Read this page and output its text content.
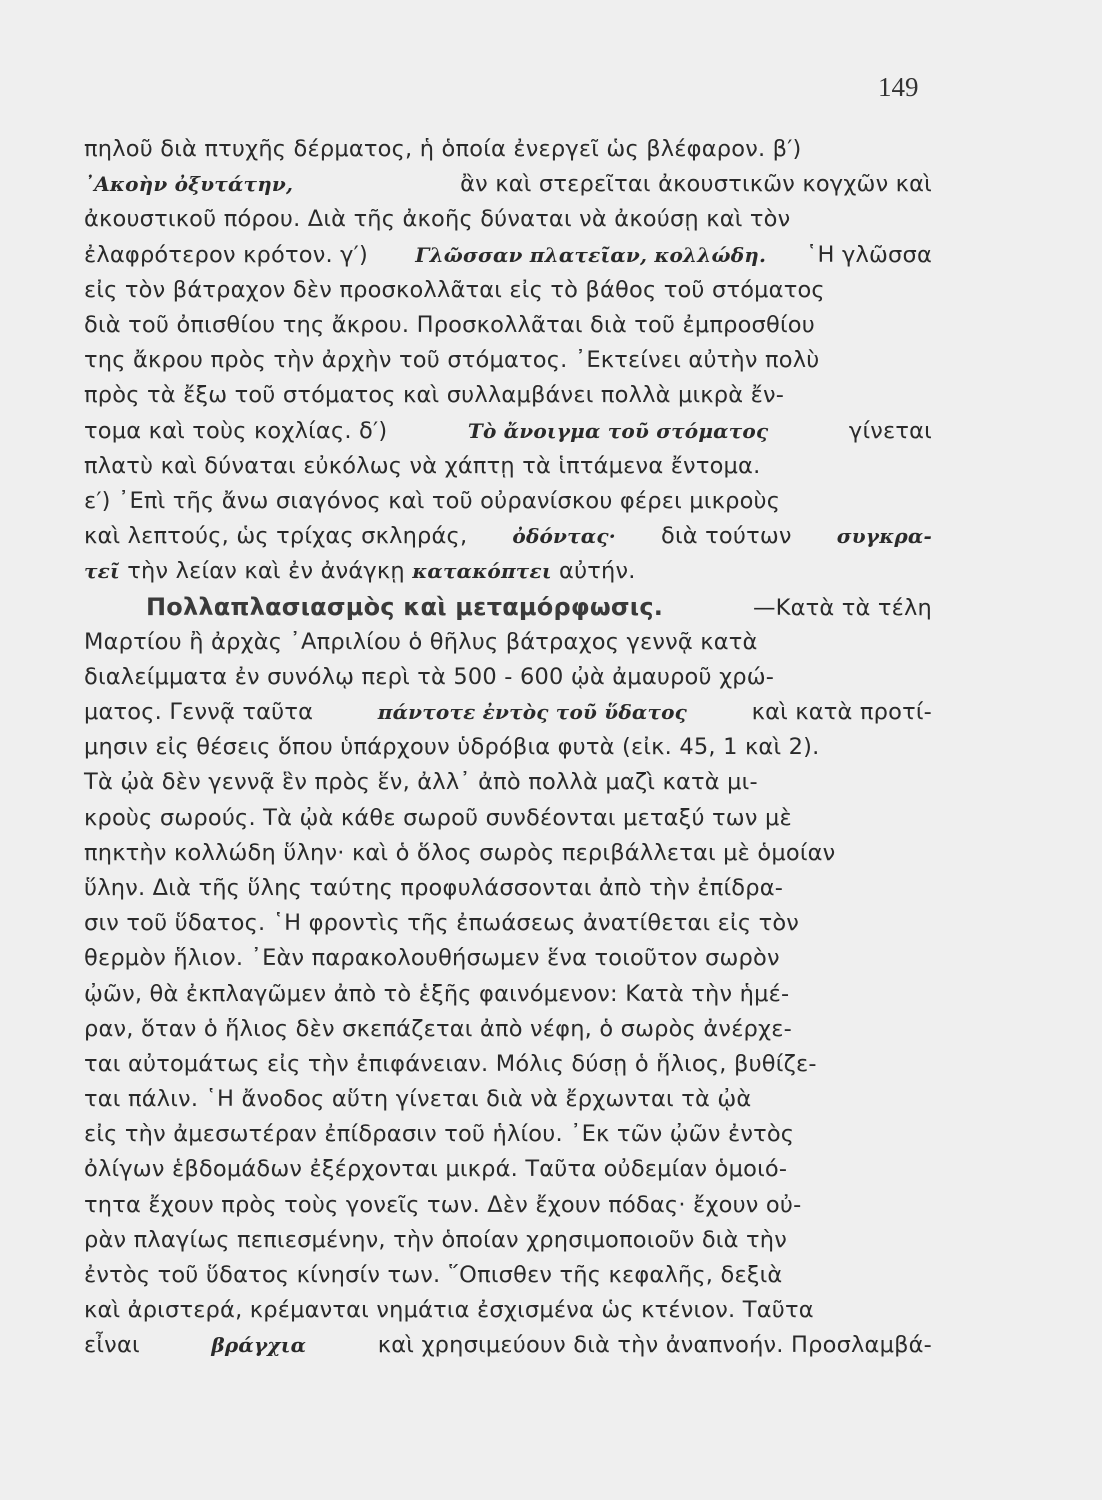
149
πηλοῦ διὰ πτυχῆς δέρματος, ἡ ὁποία ἐνεργεῖ ὡς βλέφαρον. β′)
᾿Ακοὴν ὀξυτάτην,	ἂν καὶ στερεῖται ἀκουστικῶν κογχῶν καὶ
ἀκουστικοῦ πόρου. Διὰ τῆς ἀκοῆς δύναται νὰ ἀκούσῃ καὶ τὸν
ἐλαφρότερον κρότον. γ′) Γλῶσσαν πλατεῖαν, κολλώδη. ῾Η γλῶσσα
εἰς τὸν βάτραχον δὲν προσκολλᾶται εἰς τὸ βάθος τοῦ στόματος
διὰ τοῦ ὀπισθίου της ἄκρου. Προσκολλᾶται διὰ τοῦ ἐμπροσθίου
της ἄκρου πρὸς τὴν ἀρχὴν τοῦ στόματος. ᾿Εκτείνει αὐτὴν πολὺ
πρὸς τὰ ἔξω τοῦ στόματος καὶ συλλαμβάνει πολλὰ μικρὰ ἔν-
τομα καὶ τοὺς κοχλίας. δ′)	Τὸ ἄνοιγμα τοῦ στόματος	γίνεται
πλατὺ καὶ δύναται εὐκόλως νὰ χάπτῃ τὰ ἱπτάμενα ἔντομα.
ε′) ᾿Επὶ τῆς ἄνω σιαγόνος καὶ τοῦ οὐρανίσκου φέρει μικροὺς
καὶ λεπτούς, ὡς τρίχας σκληράς, ὀδόντας· διὰ τούτων συγκρα-
τεῖ τὴν λείαν καὶ ἐν ἀνάγκῃ κατακόπτει αὐτήν.
Πολλαπλασιασμὸς καὶ μεταμόρφωσις.	—Κατὰ τὰ τέλη
Μαρτίου ἢ ἀρχὰς ᾿Απριλίου ὁ θῆλυς βάτραχος γεννᾷ κατὰ
διαλείμματα ἐν συνόλῳ περὶ τὰ 500 - 600 ᾠὰ ἀμαυροῦ χρώ-
ματος. Γεννᾷ ταῦτα	πάντοτε ἐντὸς τοῦ ὕδατος	καὶ κατὰ προτί-
μησιν εἰς θέσεις ὅπου ὑπάρχουν ὑδρόβια φυτὰ (εἰκ. 45, 1 καὶ 2).
Τὰ ᾠὰ δὲν γεννᾷ ἓν πρὸς ἕν, ἀλλ᾿ ἀπὸ πολλὰ μαζὶ κατὰ μι-
κροὺς σωρούς. Τὰ ᾠὰ κάθε σωροῦ συνδέονται μεταξύ των μὲ
πηκτὴν κολλώδη ὕλην· καὶ ὁ ὅλος σωρὸς περιβάλλεται μὲ ὁμοίαν
ὕλην. Διὰ τῆς ὕλης ταύτης προφυλάσσονται ἀπὸ τὴν ἐπίδρα-
σιν τοῦ ὕδατος. ῾Η φροντὶς τῆς ἐπωάσεως ἀνατίθεται εἰς τὸν
θερμὸν ἥλιον. ᾿Εὰν παρακολουθήσωμεν ἕνα τοιοῦτον σωρὸν
ᾠῶν, θὰ ἐκπλαγῶμεν ἀπὸ τὸ ἑξῆς φαινόμενον: Κατὰ τὴν ἡμέ-
ραν, ὅταν ὁ ἥλιος δὲν σκεπάζεται ἀπὸ νέφη, ὁ σωρὸς ἀνέρχε-
ται αὐτομάτως εἰς τὴν ἐπιφάνειαν. Μόλις δύσῃ ὁ ἥλιος, βυθίζε-
ται πάλιν. ῾Η ἄνοδος αὕτη γίνεται διὰ νὰ ἔρχωνται τὰ ᾠὰ
εἰς τὴν ἀμεσωτέραν ἐπίδρασιν τοῦ ἡλίου. ᾿Εκ τῶν ᾠῶν ἐντὸς
ὀλίγων ἑβδομάδων ἐξέρχονται μικρά. Ταῦτα οὐδεμίαν ὁμοιό-
τητα ἔχουν πρὸς τοὺς γονεῖς των. Δὲν ἔχουν πόδας· ἔχουν οὐ-
ρὰν πλαγίως πεπιεσμένην, τὴν ὁποίαν χρησιμοποιοῦν διὰ τὴν
ἐντὸς τοῦ ὕδατος κίνησίν των. ῞Οπισθεν τῆς κεφαλῆς, δεξιὰ
καὶ ἀριστερά, κρέμανται νημάτια ἐσχισμένα ὡς κτένιον. Ταῦτα
εἶναι	βράγχια	καὶ χρησιμεύουν διὰ τὴν ἀναπνοήν. Προσλαμβά-
